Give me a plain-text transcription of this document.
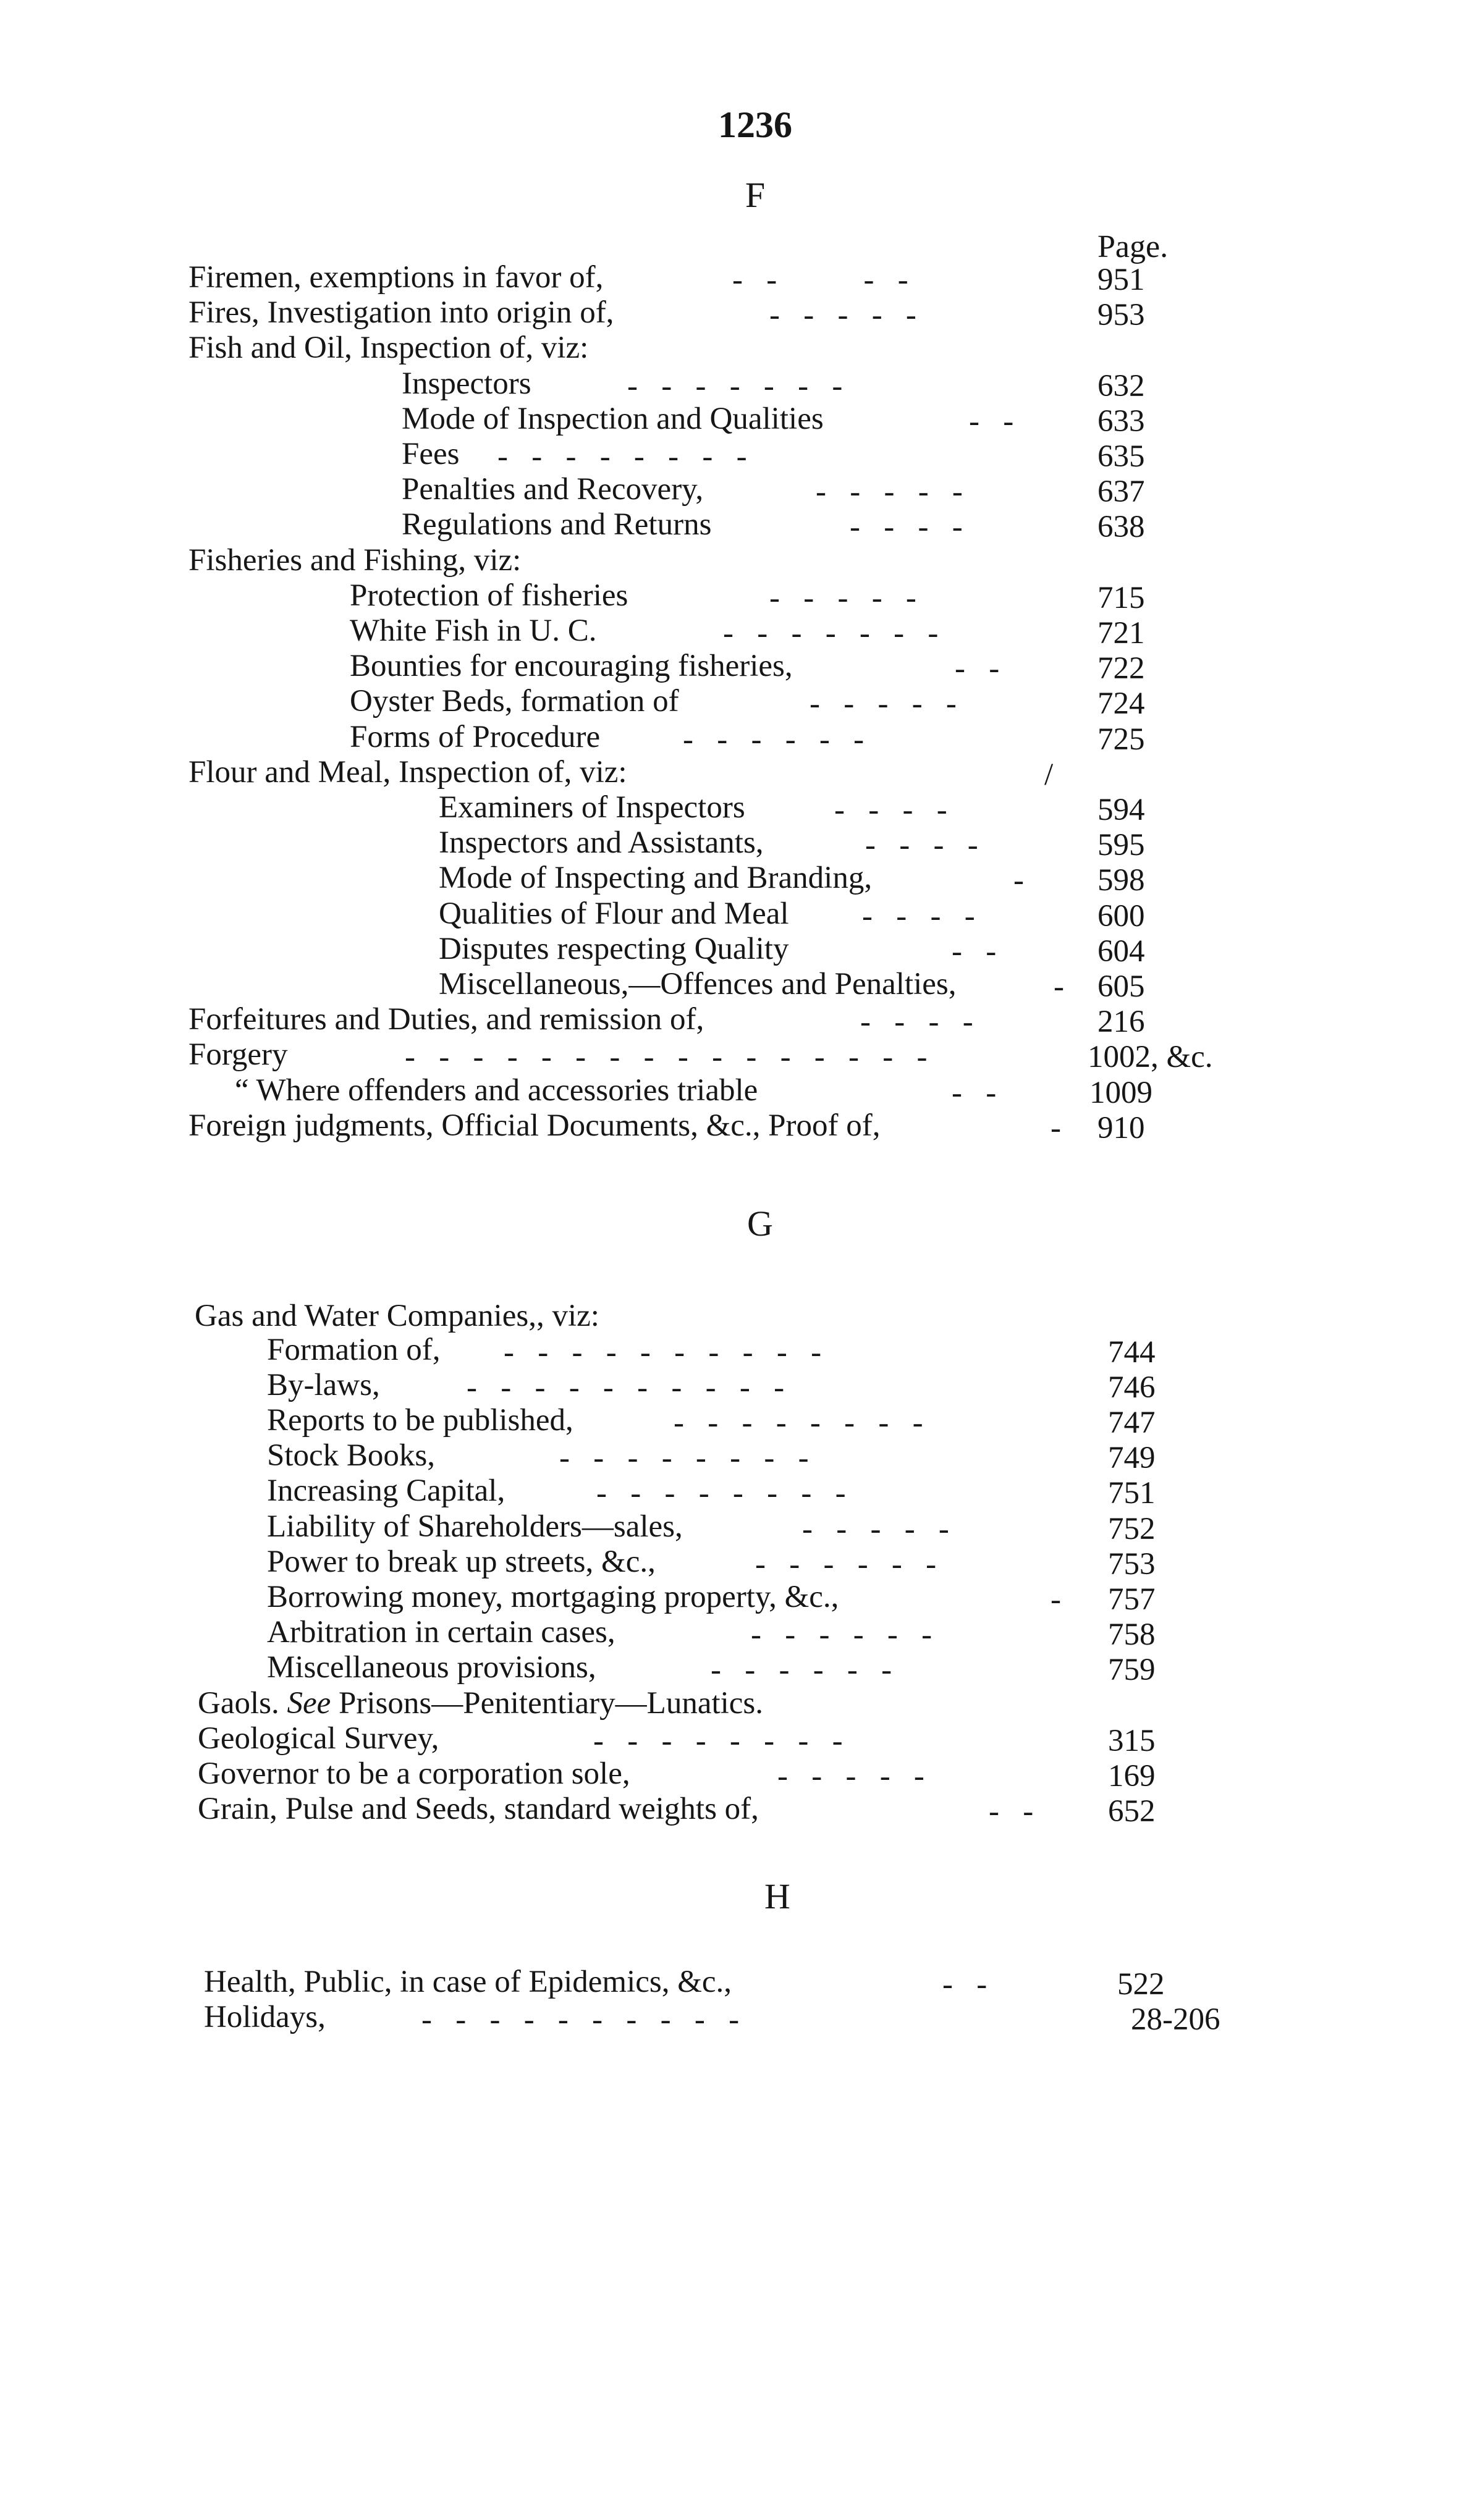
1236
F
Page.
Firemen, exemptions in favor of,	-   -           -   -	951
Fires, Investigation into origin of,	-   -   -   -   -	953
Fish and Oil, Inspection of, viz:
Inspectors	-   -   -   -   -   -   -	632
Mode of Inspection and Qualities	-   -	633
Fees -   -   -   -   -   -   -   -	635
Penalties and Recovery,	-   -   -   -   -	637
Regulations and Returns	-   -   -   -	638
Fisheries and Fishing, viz:
Protection of fisheries	-   -   -   -   -	715
White Fish in U. C.	-   -   -   -   -   -   -	721
Bounties for encouraging fisheries,	-   -	722
Oyster Beds, formation of	-   -   -   -   -	724
Forms of Procedure	-   -   -   -   -   -	725
Flour and Meal, Inspection of, viz:	/
Examiners of Inspectors	-   -   -   -	594
Inspectors and Assistants,	-   -   -   -	595
Mode of Inspecting and Branding,	- 598
Qualities of Flour and Meal -   -   -   -	600
Disputes respecting Quality	-   -	604
Miscellaneous,—Offences and Penalties,	- 605
Forfeitures and Duties, and remission of,	-   -   -   -	216
Forgery	-   -   -   -   -   -   -   -   -   -   -   -   -   -   -   -	1002, &c.
“ Where offenders and accessories triable	-   -	1009
Foreign judgments, Official Documents, &c., Proof of,	- 910
G
Gas and Water Companies,, viz:
Formation of, -   -   -   -   -   -   -   -   -   -	744
By-laws,	-   -   -   -   -   -   -   -   -   -	746
Reports to be published,	-   -   -   -   -   -   -   -	747
Stock Books,	-   -   -   -   -   -   -   -	749
Increasing Capital,	-   -   -   -   -   -   -   -	751
Liability of Shareholders—sales,	-   -   -   -   -	752
Power to break up streets, &c.,	-   -   -   -   -   -	753
Borrowing money, mortgaging property, &c.,	- 757
Arbitration in certain cases,	-   -   -   -   -   -	758
Miscellaneous provisions,	-   -   -   -   -   -	759
Gaols. See Prisons—Penitentiary—Lunatics.
Geological Survey,	-   -   -   -   -   -   -   -	315
Governor to be a corporation sole,	-   -   -   -   -	169
Grain, Pulse and Seeds, standard weights of,	-   - 652
H
Health, Public, in case of Epidemics, &c.,	-   -	522
Holidays,	-   -   -   -   -   -   -   -   -   -	28-206
